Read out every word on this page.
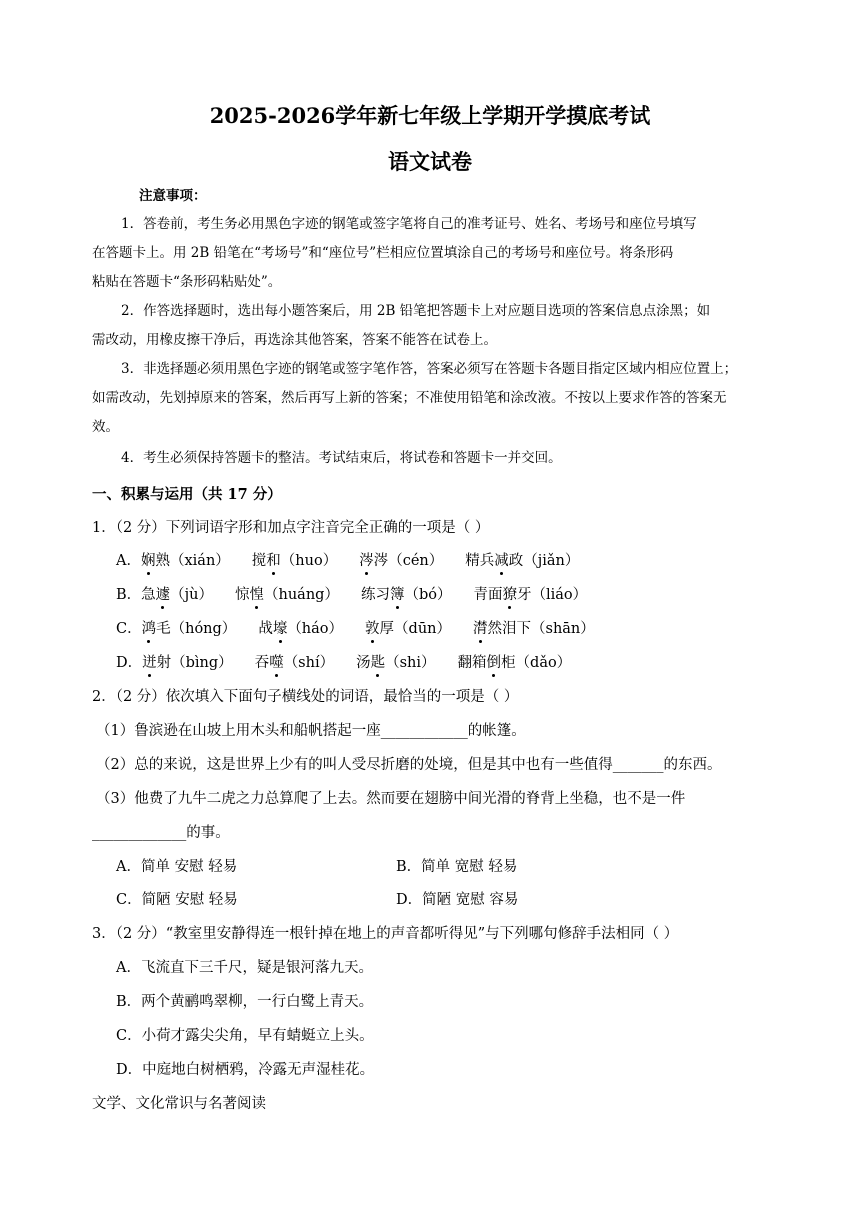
2025-2026学年新七年级上学期开学摸底考试
语文试卷
注意事项：
1．答卷前，考生务必用黑色字迹的钢笔或签字笔将自己的准考证号、姓名、考场号和座位号填写
在答题卡上。用 2B 铅笔在“考场号”和“座位号”栏相应位置填涂自己的考场号和座位号。将条形码
粘贴在答题卡“条形码粘贴处”。
2．作答选择题时，选出每小题答案后，用 2B 铅笔把答题卡上对应题目选项的答案信息点涂黑；如
需改动，用橡皮擦干净后，再选涂其他答案，答案不能答在试卷上。
3．非选择题必须用黑色字迹的钢笔或签字笔作答，答案必须写在答题卡各题目指定区域内相应位置上；
如需改动，先划掉原来的答案，然后再写上新的答案；不准使用铅笔和涂改液。不按以上要求作答的答案无
效。
4．考生必须保持答题卡的整洁。考试结束后，将试卷和答题卡一并交回。
一、积累与运用（共 17 分）
1．（2 分）下列词语字形和加点字注音完全正确的一项是（ ）
A．娴熟（xián） 搅和（huo） 涔涔（cén） 精兵减政（jiǎn）
B．急遽（jù） 惊惶（huáng） 练习簿（bó） 青面獠牙（liáo）
C．鸿毛（hóng） 战壕（háo） 敦厚（dūn） 潸然泪下（shān）
D．迸射（bìng） 吞噬（shí） 汤匙（shi） 翻箱倒柜（dǎo）
2．（2 分）依次填入下面句子横线处的词语，最恰当的一项是（ ）
（1）鲁滨逊在山坡上用木头和船帆搭起一座____________的帐篷。
（2）总的来说，这是世界上少有的叫人受尽折磨的处境，但是其中也有一些值得_______的东西。
（3）他费了九牛二虎之力总算爬了上去。然而要在翅膀中间光滑的脊背上坐稳，也不是一件
_____________的事。
A．简单 安慰 轻易	B．简单 宽慰 轻易
C．简陋 安慰 轻易	D．简陋 宽慰 容易
3．（2 分）“教室里安静得连一根针掉在地上的声音都听得见”与下列哪句修辞手法相同（ ）
A．飞流直下三千尺，疑是银河落九天。
B．两个黄鹂鸣翠柳，一行白鹭上青天。
C．小荷才露尖尖角，早有蜻蜓立上头。
D．中庭地白树栖鸦，冷露无声湿桂花。
文学、文化常识与名著阅读
